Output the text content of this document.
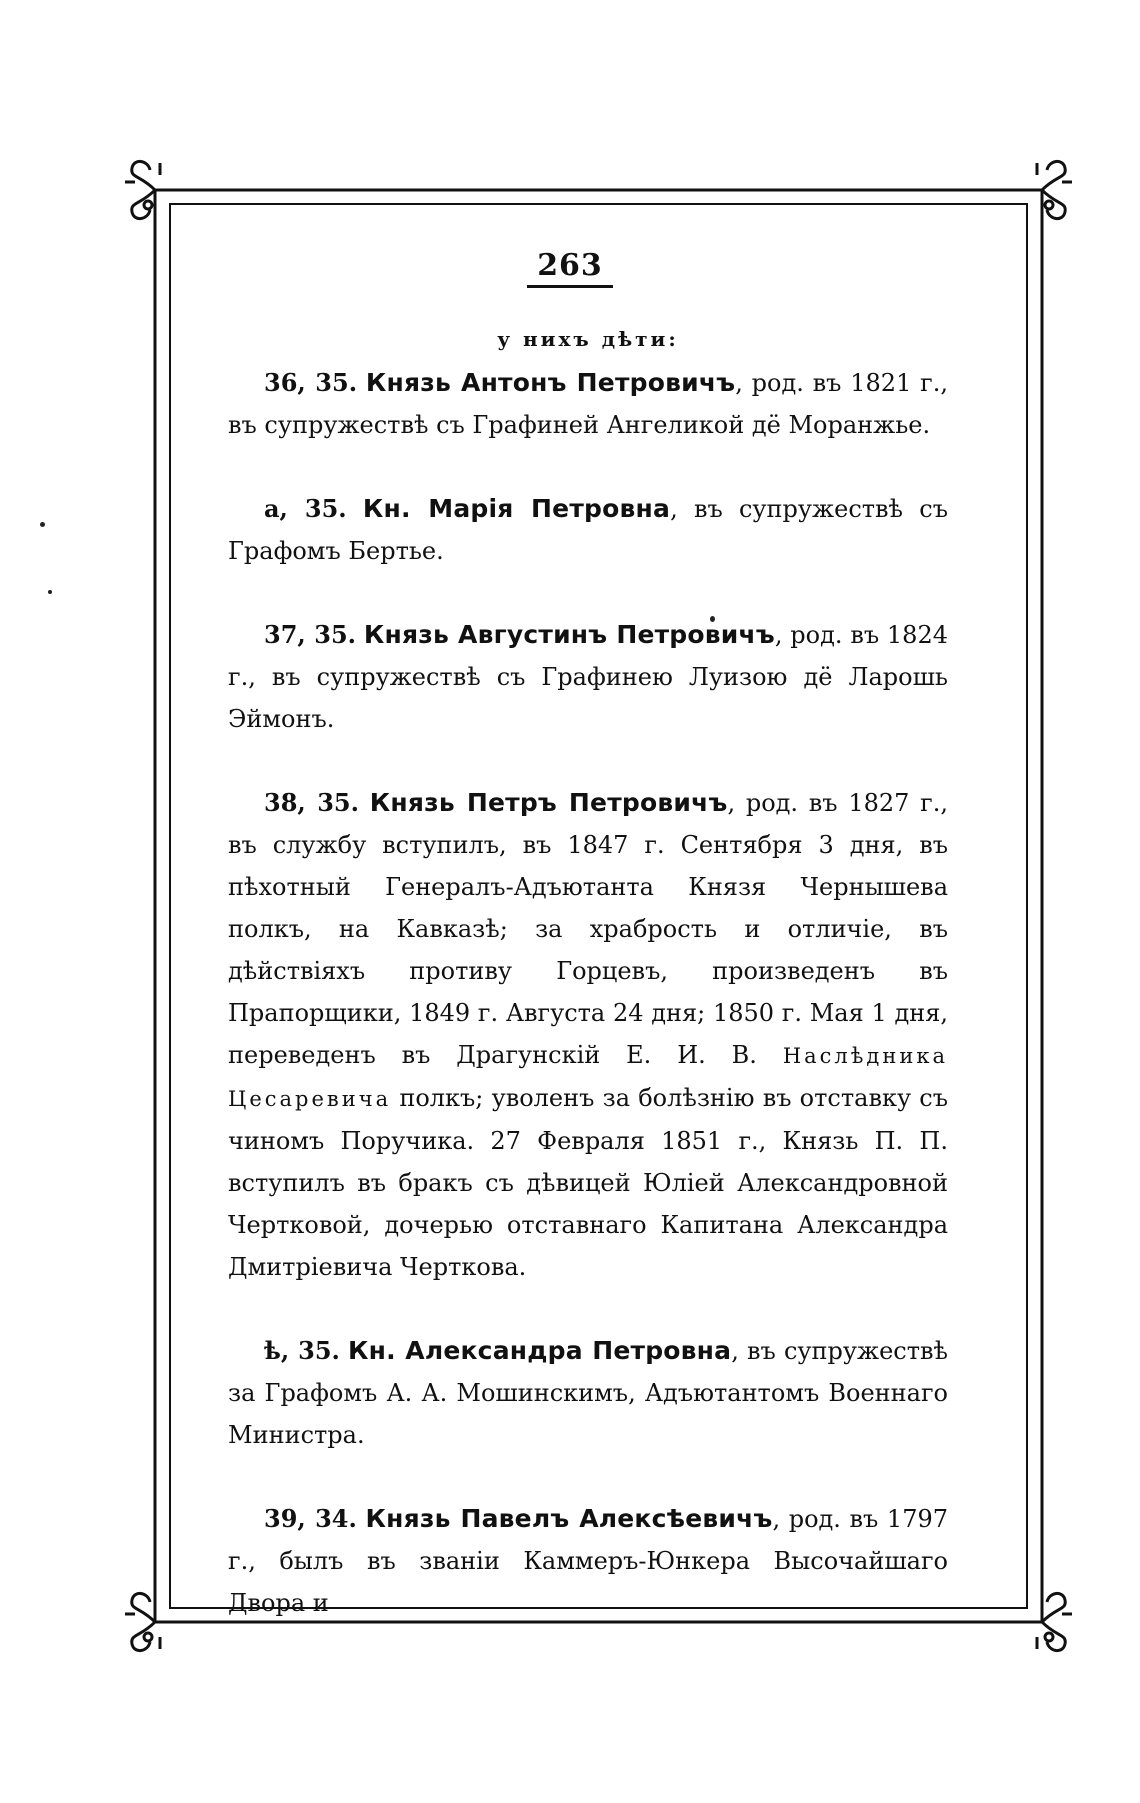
263
у нихъ дѣти:

36, 35. Князь Антонъ Петровичъ, род. въ 1821 г., въ супружествѣ съ Графиней Ангеликой дё Моранжье.

а, 35. Кн. Марія Петровна, въ супружествѣ съ Графомъ Бертье.

37, 35. Князь Августинъ Петровичъ, род. въ 1824 г., въ супружествѣ съ Графинею Луизою дё Ларошь Эймонъ.

38, 35. Князь Петръ Петровичъ, род. въ 1827 г., въ службу вступилъ, въ 1847 г. Сентября 3 дня, въ пѣхотный Генералъ-Адъютанта Князя Чернышева полкъ, на Кавказѣ; за храбрость и отличіе, въ дѣйствіяхъ противу Горцевъ, произведенъ въ Прапорщики, 1849 г. Августа 24 дня; 1850 г. Мая 1 дня, переведенъ въ Драгунскій Е. И. В. Наслѣдника Цесаревича полкъ; уволенъ за болѣзнію въ отставку съ чиномъ Поручика. 27 Февраля 1851 г., Князь П. П. вступилъ въ бракъ съ дѣвицей Юліей Александровной Чертковой, дочерью отставнаго Капитана Александра Дмитріевича Черткова.

ѣ, 35. Кн. Александра Петровна, въ супружествѣ за Графомъ А. А. Мошинскимъ, Адъютантомъ Военнаго Министра.

39, 34. Князь Павелъ Алексѣевичъ, род. въ 1797 г., былъ въ званіи Каммеръ-Юнкера Высочайшаго Двора и
